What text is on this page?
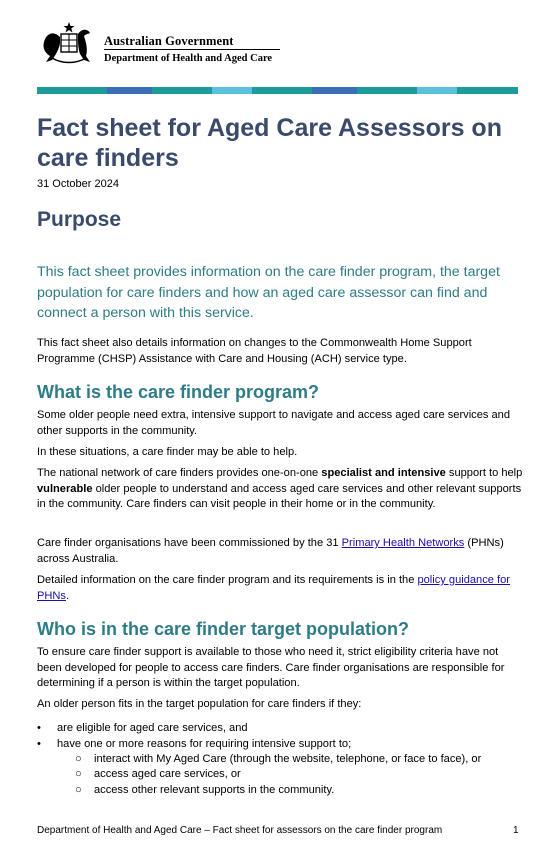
Australian Government
Department of Health and Aged Care
Fact sheet for Aged Care Assessors on care finders
31 October 2024
Purpose

This fact sheet provides information on the care finder program, the target population for care finders and how an aged care assessor can find and connect a person with this service.

This fact sheet also details information on changes to the Commonwealth Home Support Programme (CHSP) Assistance with Care and Housing (ACH) service type.

What is the care finder program?

Some older people need extra, intensive support to navigate and access aged care services and other supports in the community.

In these situations, a care finder may be able to help.

The national network of care finders provides one-on-one specialist and intensive support to help vulnerable older people to understand and access aged care services and other relevant supports in the community. Care finders can visit people in their home or in the community.

Care finder organisations have been commissioned by the 31 Primary Health Networks (PHNs) across Australia.

Detailed information on the care finder program and its requirements is in the policy guidance for PHNs.

Who is in the care finder target population?

To ensure care finder support is available to those who need it, strict eligibility criteria have not been developed for people to access care finders. Care finder organisations are responsible for determining if a person is within the target population.

An older person fits in the target population for care finders if they:

• are eligible for aged care services, and

• have one or more reasons for requiring intensive support to;

○ interact with My Aged Care (through the website, telephone, or face to face), or

○ access aged care services, or

○ access other relevant supports in the community.

Department of Health and Aged Care – Fact sheet for assessors on the care finder program	1
